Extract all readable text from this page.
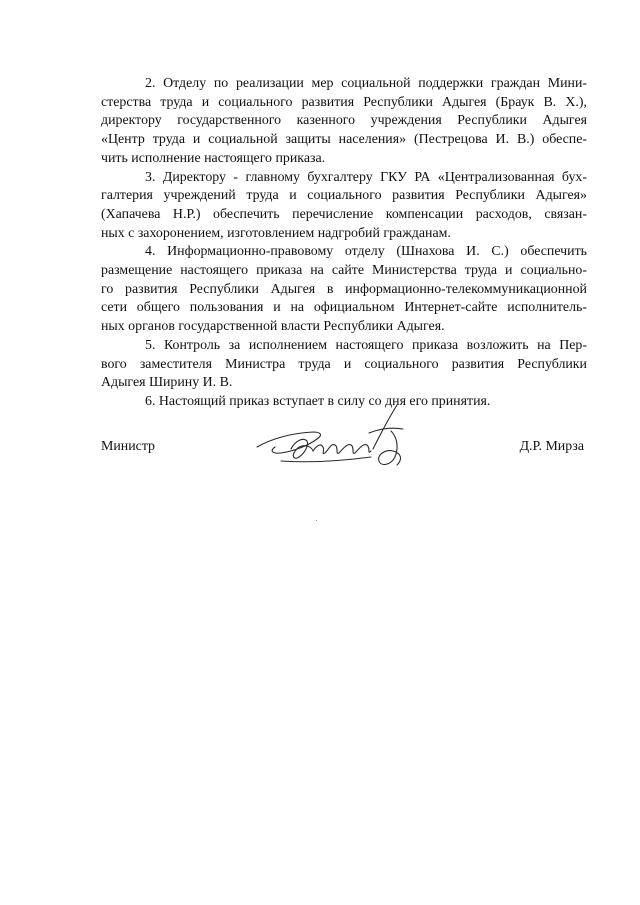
2. Отделу по реализации мер социальной поддержки граждан Мини-
стерства труда и социального развития Республики Адыгея (Браук В. Х.),
директору государственного казенного учреждения Республики Адыгея
«Центр труда и социальной защиты населения» (Пестрецова И. В.) обеспе-
чить исполнение настоящего приказа.

3. Директору - главному бухгалтеру ГКУ РА «Централизованная бух-
галтерия учреждений труда и социального развития Республики Адыгея»
(Хапачева Н.Р.) обеспечить перечисление компенсации расходов, связан-
ных с захоронением, изготовлением надгробий гражданам.

4. Информационно-правовому отделу (Шнахова И. С.) обеспечить
размещение настоящего приказа на сайте Министерства труда и социально-
го развития Республики Адыгея в информационно-телекоммуникационной
сети общего пользования и на официальном Интернет-сайте исполнитель-
ных органов государственной власти Республики Адыгея.

5. Контроль за исполнением настоящего приказа возложить на Пер-
вого заместителя Министра труда и социального развития Республики
Адыгея Ширину И. В.

6. Настоящий приказ вступает в силу со дня его принятия.

Министр	Д.Р. Мирза
